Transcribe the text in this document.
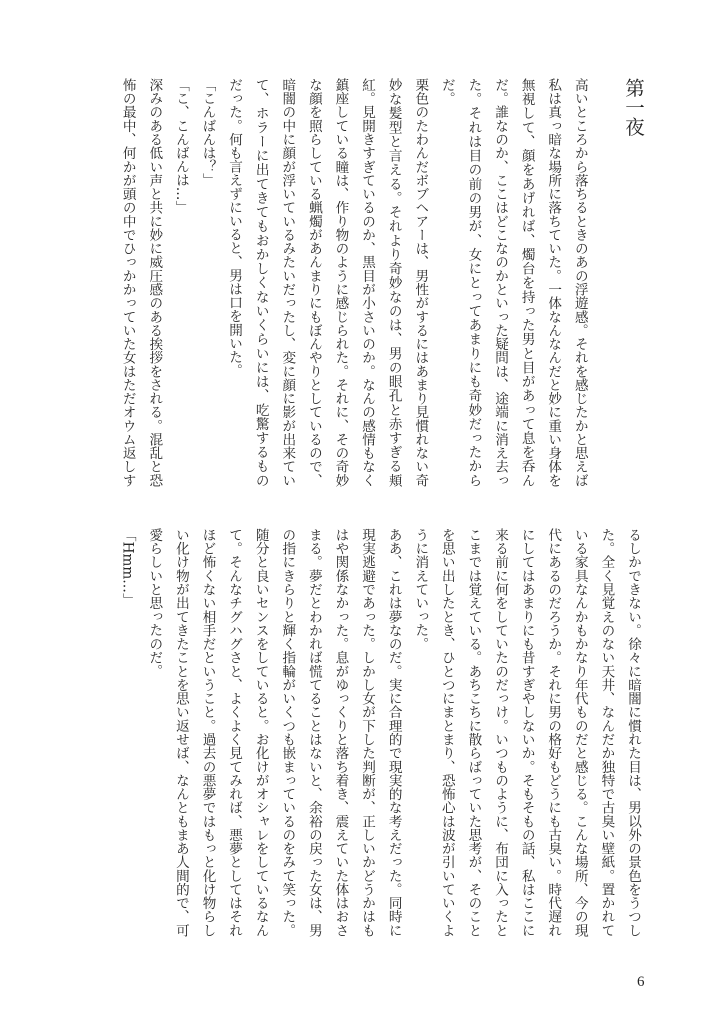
第一夜
高いところから落ちるときのあの浮遊感。それを感じたかと思えば
私は真っ暗な場所に落ちていた。一体なんなんだと妙に重い身体を
無視して、顔をあげれば、燭台を持った男と目があって息を呑ん
だ。誰なのか、ここはどこなのかといった疑問は、途端に消え去っ
た。それは目の前の男が、女にとってあまりにも奇妙だったから
だ。
栗色のたわんだボブヘアーは、男性がするにはあまり見慣れない奇
妙な髪型と言える。それより奇妙なのは、男の眼孔と赤すぎる頬
紅。見開きすぎているのか、黒目が小さいのか。なんの感情もなく
鎮座している瞳は、作り物のように感じられた。それに、その奇妙
な顔を照らしている蝋燭があんまりにもぼんやりとしているので、
暗闇の中に顔が浮いているみたいだったし、変に顔に影が出来てい
て、ホラーに出てきてもおかしくないくらいには、吃驚するもの
だった。何も言えずにいると、男は口を開いた。
「こんばんは？」
「こ、こんばんは…」
深みのある低い声と共に妙に威圧感のある挨拶をされる。混乱と恐
怖の最中、何かが頭の中でひっかかっていた女はただオウム返しす
るしかできない。徐々に暗闇に慣れた目は、男以外の景色をうつし
た。全く見覚えのない天井、なんだか独特で古臭い壁紙。置かれて
いる家具なんかもかなり年代ものだと感じる。こんな場所、今の現
代にあるのだろうか。それに男の格好もどうにも古臭い。時代遅れ
にしてはあまりにも昔すぎやしないか。そもそもの話、私はここに
来る前に何をしていたのだっけ。いつものように、布団に入ったと
こまでは覚えている。あちこちに散らばっていた思考が、そのこと
を思い出したとき、ひとつにまとまり、恐怖心は波が引いていくよ
うに消えていった。
ああ、これは夢なのだ。実に合理的で現実的な考えだった。同時に
現実逃避であった。しかし女が下した判断が、正しいかどうかはも
はや関係なかった。息がゆっくりと落ち着き、震えていた体はおさ
まる。夢だとわかれば慌てることはないと、余裕の戻った女は、男
の指にきらりと輝く指輪がいくつも嵌まっているのをみて笑った。
随分と良いセンスをしていると。お化けがオシャレをしているなん
て。そんなチグハグさと、よくよく見てみれば、悪夢としてはそれ
ほど怖くない相手だということ。過去の悪夢ではもっと化け物らし
い化け物が出てきたことを思い返せば、なんともまあ人間的で、可
愛らしいと思ったのだ。
「Hmm…」
6
